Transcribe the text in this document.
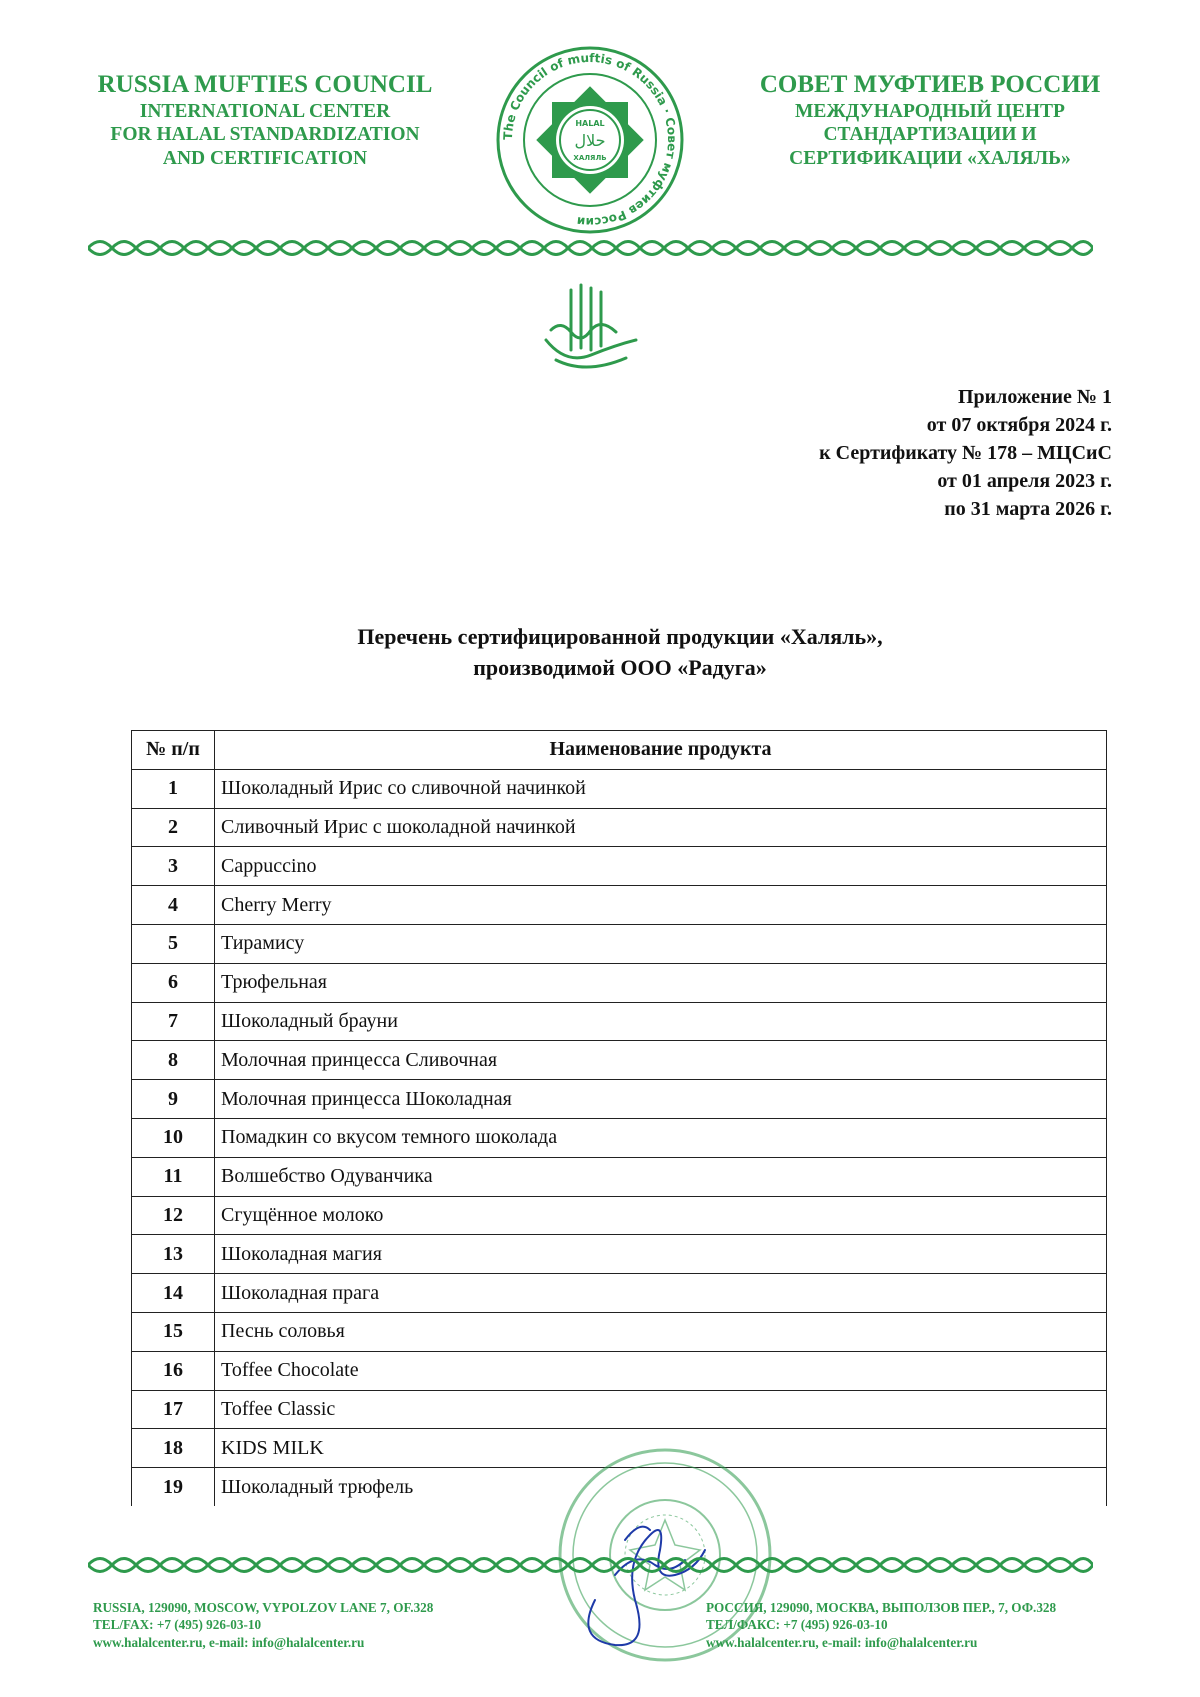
RUSSIA MUFTIES COUNCIL
INTERNATIONAL CENTER
FOR HALAL STANDARDIZATION
AND CERTIFICATION
The Council of muftis of Russia · Совет муфтиев России
HALAL
حلال
ХАЛЯЛЬ
СОВЕТ МУФТИЕВ РОССИИ
МЕЖДУНАРОДНЫЙ ЦЕНТР
СТАНДАРТИЗАЦИИ И
СЕРТИФИКАЦИИ «ХАЛЯЛЬ»
Приложение № 1
от 07 октября 2024 г.
к Сертификату № 178 – МЦСиС
от 01 апреля 2023 г.
по 31 марта 2026 г.
Перечень сертифицированной продукции «Халяль»,
производимой ООО «Радуга»
№ п/п	Наименование продукта
1	Шоколадный Ирис со сливочной начинкой
2	Сливочный Ирис с шоколадной начинкой
3	Cappuccino
4	Cherry Merry
5	Тирамису
6	Трюфельная
7	Шоколадный брауни
8	Молочная принцесса Сливочная
9	Молочная принцесса Шоколадная
10	Помадкин со вкусом темного шоколада
11	Волшебство Одуванчика
12	Сгущённое молоко
13	Шоколадная магия
14	Шоколадная прага
15	Песнь соловья
16	Toffee Chocolate
17	Toffee Classic
18	KIDS MILK
19	Шоколадный трюфель
RUSSIA, 129090, MOSCOW, VYPOLZOV LANE 7, OF.328
TEL/FAX: +7 (495) 926-03-10
www.halalcenter.ru, e-mail: info@halalcenter.ru
РОССИЯ, 129090, МОСКВА, ВЫПОЛЗОВ ПЕР., 7, ОФ.328
ТЕЛ/ФАКС: +7 (495) 926-03-10
www.halalcenter.ru, e-mail: info@halalcenter.ru
